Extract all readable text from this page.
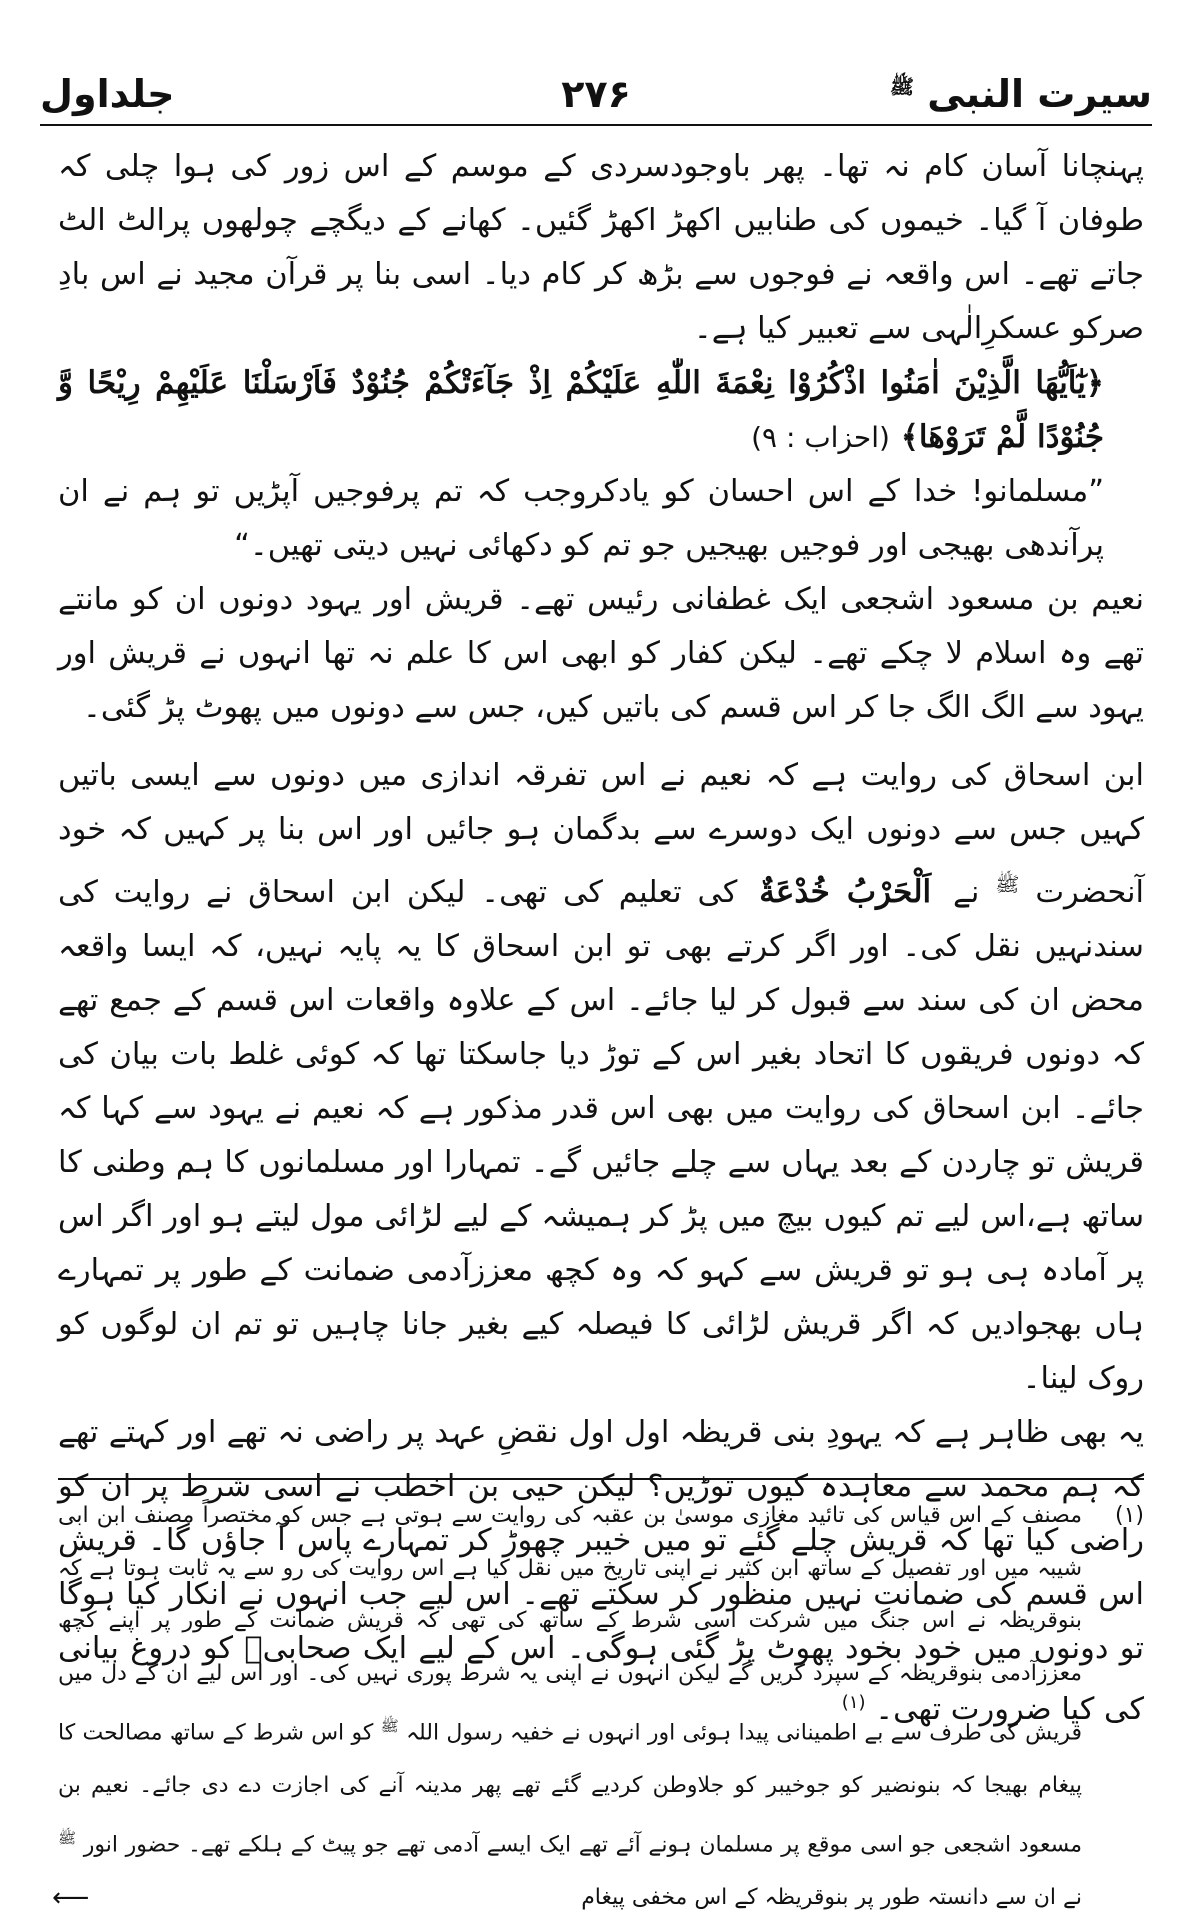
سیرت النبی $^ﷺ$
۲۷۶
جلداول

پہنچانا آسان کام نہ تھا۔ پھر باوجودسردی کے موسم کے اس زور کی ہوا چلی کہ طوفان آ گیا۔ خیموں کی طنابیں اکھڑ اکھڑ گئیں۔ کھانے کے دیگچے چولھوں پرالٹ الٹ جاتے تھے۔ اس واقعہ نے فوجوں سے بڑھ کر کام دیا۔ اسی بنا پر قرآن مجید نے اس بادِ صرکو عسکرِالٰہی سے تعبیر کیا ہے۔

﴿يٰٓاَيُّهَا الَّذِيْنَ اٰمَنُوا اذْكُرُوْا نِعْمَةَ اللّٰهِ عَلَيْكُمْ اِذْ جَآءَتْكُمْ جُنُوْدٌ فَاَرْسَلْنَا عَلَيْهِمْ رِيْحًا وَّ جُنُوْدًا لَّمْ تَرَوْهَا﴾ (احزاب : ۹)

”مسلمانو! خدا کے اس احسان کو یادکروجب کہ تم پرفوجیں آپڑیں تو ہم نے ان پرآندھی بھیجی اور فوجیں بھیجیں جو تم کو دکھائی نہیں دیتی تھیں۔“

نعیم بن مسعود اشجعی ایک غطفانی رئیس تھے۔ قریش اور یہود دونوں ان کو مانتے تھے وہ اسلام لا چکے تھے۔ لیکن کفار کو ابھی اس کا علم نہ تھا انہوں نے قریش اور یہود سے الگ الگ جا کر اس قسم کی باتیں کیں، جس سے دونوں میں پھوٹ پڑ گئی۔

ابن اسحاق کی روایت ہے کہ نعیم نے اس تفرقہ اندازی میں دونوں سے ایسی باتیں کہیں جس سے دونوں ایک دوسرے سے بدگمان ہو جائیں اور اس بنا پر کہیں کہ خود آنحضرت $^ﷺ$ نے اَلْحَرْبُ خُدْعَةٌ کی تعلیم کی تھی۔ لیکن ابن اسحاق نے روایت کی سندنہیں نقل کی۔ اور اگر کرتے بھی تو ابن اسحاق کا یہ پایہ نہیں، کہ ایسا واقعہ محض ان کی سند سے قبول کر لیا جائے۔ اس کے علاوہ واقعات اس قسم کے جمع تھے کہ دونوں فریقوں کا اتحاد بغیر اس کے توڑ دیا جاسکتا تھا کہ کوئی غلط بات بیان کی جائے۔ ابن اسحاق کی روایت میں بھی اس قدر مذکور ہے کہ نعیم نے یہود سے کہا کہ قریش تو چاردن کے بعد یہاں سے چلے جائیں گے۔ تمہارا اور مسلمانوں کا ہم وطنی کا ساتھ ہے،اس لیے تم کیوں بیچ میں پڑ کر ہمیشہ کے لیے لڑائی مول لیتے ہو اور اگر اس پر آمادہ ہی ہو تو قریش سے کہو کہ وہ کچھ معززآدمی ضمانت کے طور پر تمہارے ہاں بھجوادیں کہ اگر قریش لڑائی کا فیصلہ کیے بغیر جانا چاہیں تو تم ان لوگوں کو روک لینا۔

یہ بھی ظاہر ہے کہ یہودِ بنی قریظہ اول اول نقضِ عہد پر راضی نہ تھے اور کہتے تھے کہ ہم محمد سے معاہدہ کیوں توڑیں؟ لیکن حیی بن اخطب نے اسی شرط پر ان کو راضی کیا تھا کہ قریش چلے گئے تو میں خیبر چھوڑ کر تمہارے پاس آ جاؤں گا۔ قریش اس قسم کی ضمانت نہیں منظور کر سکتے تھے۔ اس لیے جب انہوں نے انکار کیا ہوگا تو دونوں میں خود بخود پھوٹ پڑ گئی ہوگی۔ اس کے لیے ایک صحابیؓ کو دروغ بیانی کی کیا ضرورت تھی۔ $^{(۱)}$

(۱)
مصنف کے اس قیاس کی تائید مغازی موسیٰ بن عقبہ کی روایت سے ہوتی ہے جس کو مختصراً مصنف ابن ابی شیبہ میں اور تفصیل کے ساتھ ابن کثیر نے اپنی تاریخ میں نقل کیا ہے اس روایت کی رو سے یہ ثابت ہوتا ہے کہ بنوقریظہ نے اس جنگ میں شرکت اسی شرط کے ساتھ کی تھی کہ قریش ضمانت کے طور پر اپنے کچھ معززآدمی بنوقریظہ کے سپرد کریں گے لیکن انہوں نے اپنی یہ شرط پوری نہیں کی۔ اور اس لیے ان کے دل میں قریش کی طرف سے بے اطمینانی پیدا ہوئی اور انہوں نے خفیہ رسول اللہ $^ﷺ$ کو اس شرط کے ساتھ مصالحت کا پیغام بھیجا کہ بنونضیر کو جوخیبر کو جلاوطن کردیے گئے تھے پھر مدینہ آنے کی اجازت دے دی جائے۔ نعیم بن مسعود اشجعی جو اسی موقع پر مسلمان ہونے آئے تھے ایک ایسے آدمی تھے جو پیٹ کے ہلکے تھے۔ حضور انور $^ﷺ$ نے ان سے دانستہ طور پر بنوقریظہ کے اس مخفی پیغام
⟵
